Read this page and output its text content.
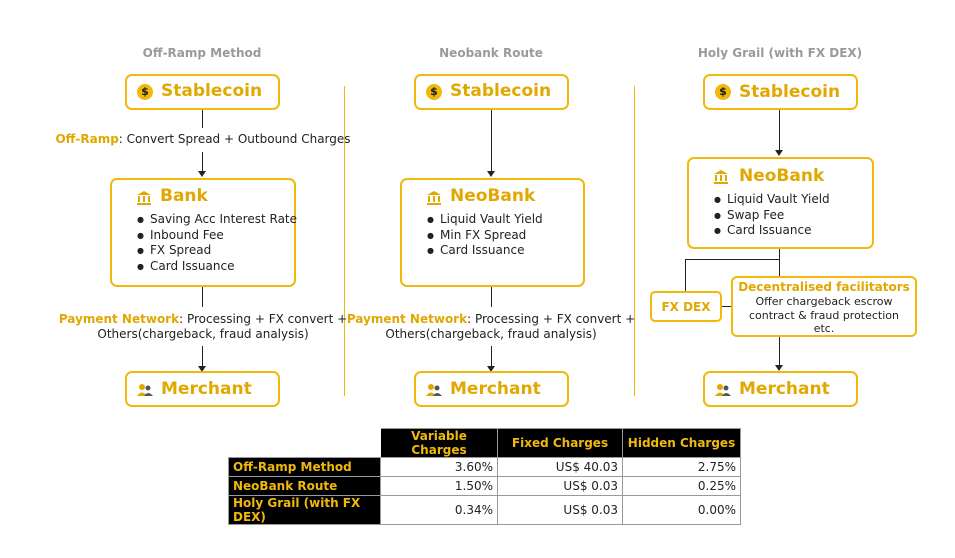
Off-Ramp Method	Neobank Route	Holy Grail (with FX DEX)
$ Stablecoin
Off-Ramp: Convert Spread + Outbound Charges
Bank
● Saving Acc Interest Rate
● Inbound Fee
● FX Spread
● Card Issuance
Payment Network: Processing + FX convert +
Others(chargeback, fraud analysis)
Merchant
$ Stablecoin
NeoBank
● Liquid Vault Yield
● Min FX Spread
● Card Issuance
Payment Network: Processing + FX convert +
Others(chargeback, fraud analysis)
Merchant
$ Stablecoin
NeoBank
● Liquid Vault Yield
● Swap Fee
● Card Issuance
FX DEX
Decentralised facilitators
Offer chargeback escrow
contract & fraud protection
etc.
Merchant
	Variable Charges	Fixed Charges	Hidden Charges
Off-Ramp Method	3.60%	US$ 40.03	2.75%
NeoBank Route	1.50%	US$ 0.03	0.25%
Holy Grail (with FX DEX)	0.34%	US$ 0.03	0.00%
